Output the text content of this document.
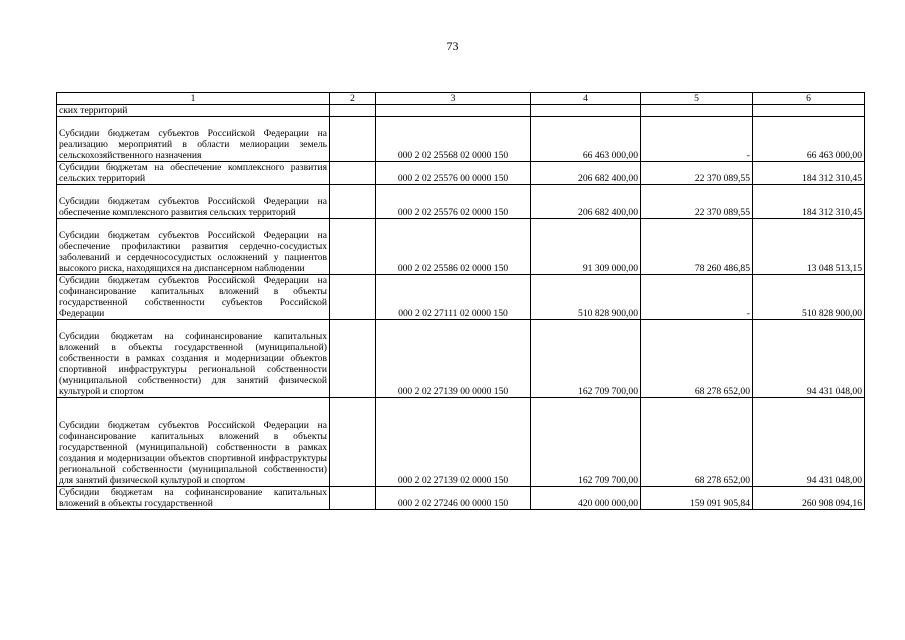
73
1	2	3	4	5	6
ских территорий					
Субсидии бюджетам субъектов Российской Федерации на реализацию мероприятий в области мелиорации земель сельскохозяйственного назначения		000 2 02 25568 02 0000 150	66 463 000,00	-	66 463 000,00
Субсидии бюджетам на обеспечение комплексного развития сельских территорий		000 2 02 25576 00 0000 150	206 682 400,00	22 370 089,55	184 312 310,45
Субсидии бюджетам субъектов Российской Федерации на обеспечение комплексного развития сельских территорий		000 2 02 25576 02 0000 150	206 682 400,00	22 370 089,55	184 312 310,45
Субсидии бюджетам субъектов Российской Федерации на обеспечение профилактики развития сердечно-сосудистых заболеваний и сердечнососудистых осложнений у пациентов высокого риска, находящихся на диспансерном наблюдении		000 2 02 25586 02 0000 150	91 309 000,00	78 260 486,85	13 048 513,15
Субсидии бюджетам субъектов Российской Федерации на софинансирование капитальных вложений в объекты государственной собственности субъектов Российской Федерации		000 2 02 27111 02 0000 150	510 828 900,00	-	510 828 900,00
Субсидии бюджетам на софинансирование капитальных вложений в объекты государственной (муниципальной) собственности в рамках создания и модернизации объектов спортивной инфраструктуры региональной собственности (муниципальной собственности) для занятий физической культурой и спортом		000 2 02 27139 00 0000 150	162 709 700,00	68 278 652,00	94 431 048,00
Субсидии бюджетам субъектов Российской Федерации на софинансирование капитальных вложений в объекты государственной (муниципальной) собственности в рамках создания и модернизации объектов спортивной инфраструктуры региональной собственности (муниципальной собственности) для занятий физической культурой и спортом		000 2 02 27139 02 0000 150	162 709 700,00	68 278 652,00	94 431 048,00
Субсидии бюджетам на софинансирование капитальных вложений в объекты государственной		000 2 02 27246 00 0000 150	420 000 000,00	159 091 905,84	260 908 094,16
